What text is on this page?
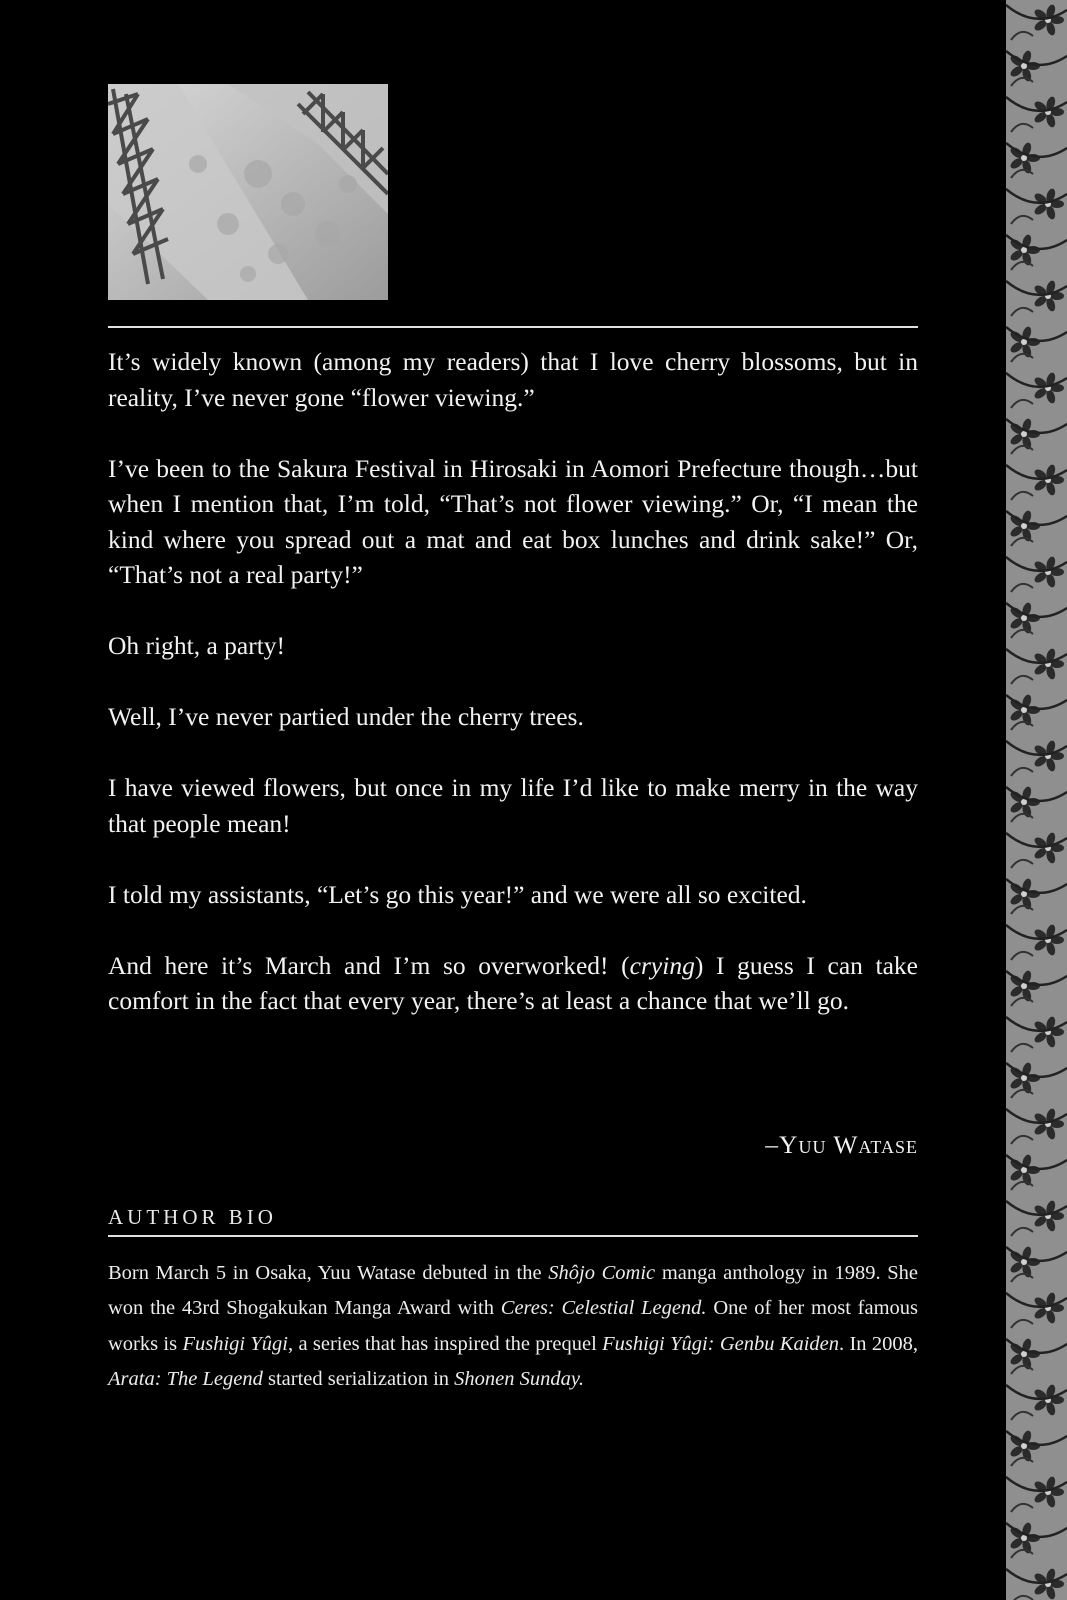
It’s widely known (among my readers) that I love cherry blossoms, but in reality, I’ve never gone “flower viewing.”

I’ve been to the Sakura Festival in Hirosaki in Aomori Prefecture though…but when I mention that, I’m told, “That’s not flower viewing.” Or, “I mean the kind where you spread out a mat and eat box lunches and drink sake!” Or, “That’s not a real party!”

Oh right, a party!

Well, I’ve never partied under the cherry trees.

I have viewed flowers, but once in my life I’d like to make merry in the way that people mean!

I told my assistants, “Let’s go this year!” and we were all so excited.

And here it’s March and I’m so overworked! (crying) I guess I can take comfort in the fact that every year, there’s at least a chance that we’ll go.

–Yuu Watase
AUTHOR BIO

Born March 5 in Osaka, Yuu Watase debuted in the Shôjo Comic manga anthology in 1989. She won the 43rd Shogakukan Manga Award with Ceres: Celestial Legend. One of her most famous works is Fushigi Yûgi, a series that has inspired the prequel Fushigi Yûgi: Genbu Kaiden. In 2008, Arata: The Legend started serialization in Shonen Sunday.
